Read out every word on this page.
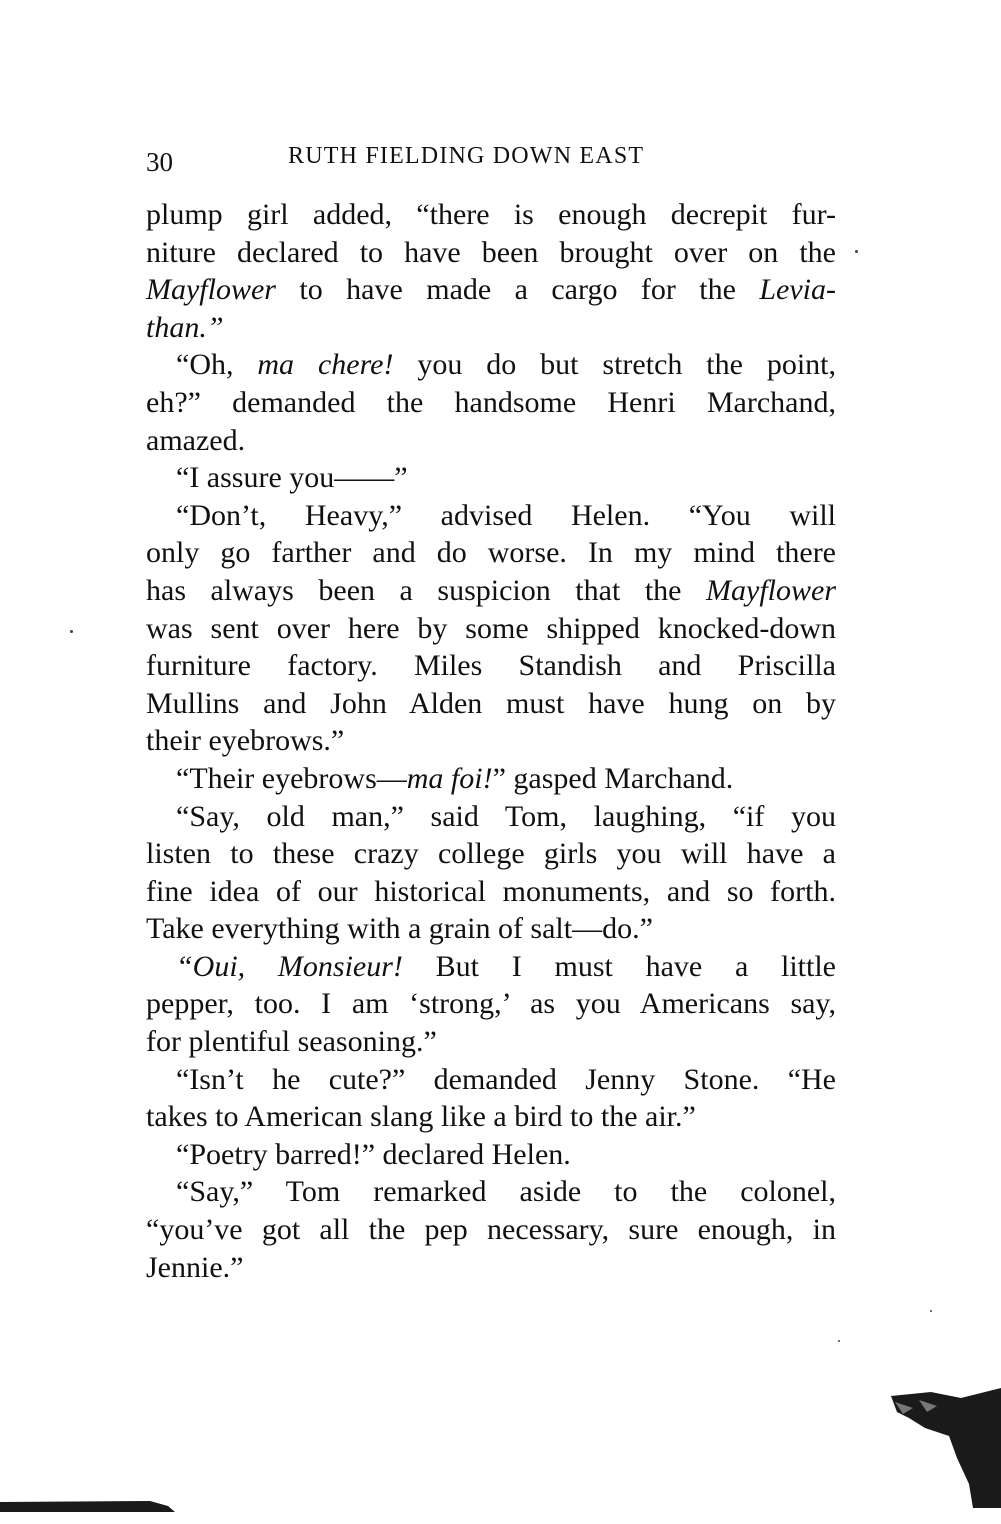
30	RUTH FIELDING DOWN EAST
plump girl added, “there is enough decrepit fur-
niture declared to have been brought over on the
Mayflower to have made a cargo for the Levia-
than.”
“Oh, ma chere! you do but stretch the point,
eh?” demanded the handsome Henri Marchand,
amazed.
“I assure you——”
“Don’t, Heavy,” advised Helen. “You will
only go farther and do worse. In my mind there
has always been a suspicion that the Mayflower
was sent over here by some shipped knocked-down
furniture factory. Miles Standish and Priscilla
Mullins and John Alden must have hung on by
their eyebrows.”
“Their eyebrows—ma foi!” gasped Marchand.
“Say, old man,” said Tom, laughing, “if you
listen to these crazy college girls you will have a
fine idea of our historical monuments, and so forth.
Take everything with a grain of salt—do.”
“Oui, Monsieur! But I must have a little
pepper, too. I am ‘strong,’ as you Americans say,
for plentiful seasoning.”
“Isn’t he cute?” demanded Jenny Stone. “He
takes to American slang like a bird to the air.”
“Poetry barred!” declared Helen.
“Say,” Tom remarked aside to the colonel,
“you’ve got all the pep necessary, sure enough, in
Jennie.”
